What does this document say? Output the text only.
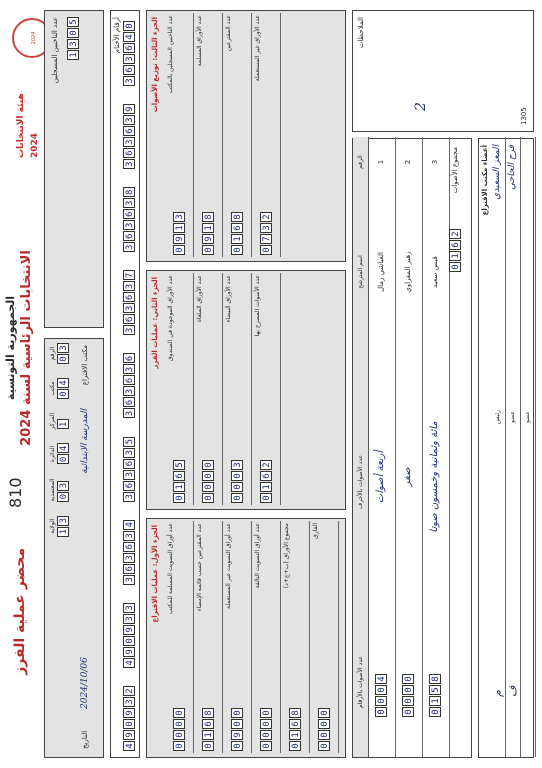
هيئة الانتخابات
2024
2024
الجمهورية التونسية
الانتخابات الرئاسية لسنة 2024
810
محضر عملية الفرز
الولاية 1
3
المعتمدية 0
3
الدائرة 0
4
المركز 1
مكتب 0
4
الرقم 0
3 مكتب الاقتراع
المدرسة الابتدائية
التاريخ
2024/10/06
عدد الناخبين المسجلين 1
3
0
5	أرقام الأختام
4
9
0
9
3
2
4
9
0
9
3
3
3
6
3
6
3
4
3
6
3
6
3
5
3
6
3
6
3
6
3
6
3
6
3
7
3
6
3
6
3
8
3
6
3
6
3
9
3
6
3
6
4
0
الجزء الأول: عمليات الاقتراع عدد أوراق التصويت المسلمة للمكتب
0
0
0
0
عدد المقترعين حسب قائمة الإمضاء
0
1
6
8
عدد أوراق التصويت غير المستعملة
0
9
0
0
عدد أوراق التصويت التالفة
0
0
0
0
مجموع الأوراق (ب+ج+د)
0
1
6
8
الفارق
0
0
0
0
الجزء الثاني: عمليات الفرز عدد الأوراق الموجودة في الصندوق
0
1
6
5
عدد الأوراق الملغاة
0
0
0
0
عدد الأوراق البيضاء
0
0
0
3
عدد الأصوات المصرح بها
0
1
6
2
الجزء الثالث: توزيع الأصوات عدد الناخبين المسجلين بالمكتب
0
9
1
3
عدد الأوراق المسلمة
0
9
1
8
عدد المقترعين
0
1
6
8
عدد الأوراق غير المستعملة
0
7
3
2
عدد الأصوات بالأرقام
عدد الأصوات بالأحرف
اسم المترشح
الرقم
0
0
0
4
أربعة أصوات
العياشي زمال
1
0
0
0
0
صفر
زهير المغزاوي
2
0
1
5
8
مائة وثمانية وخمسون صوتا
قيس سعيد
3 مجموع الأصوات
0
1
6
2
أعضاء مكتب الاقتراع المعز السعيدي
رئيس
م
فرح الحاجي
عضو
ف
عضو
الملاحظات
2
1305
